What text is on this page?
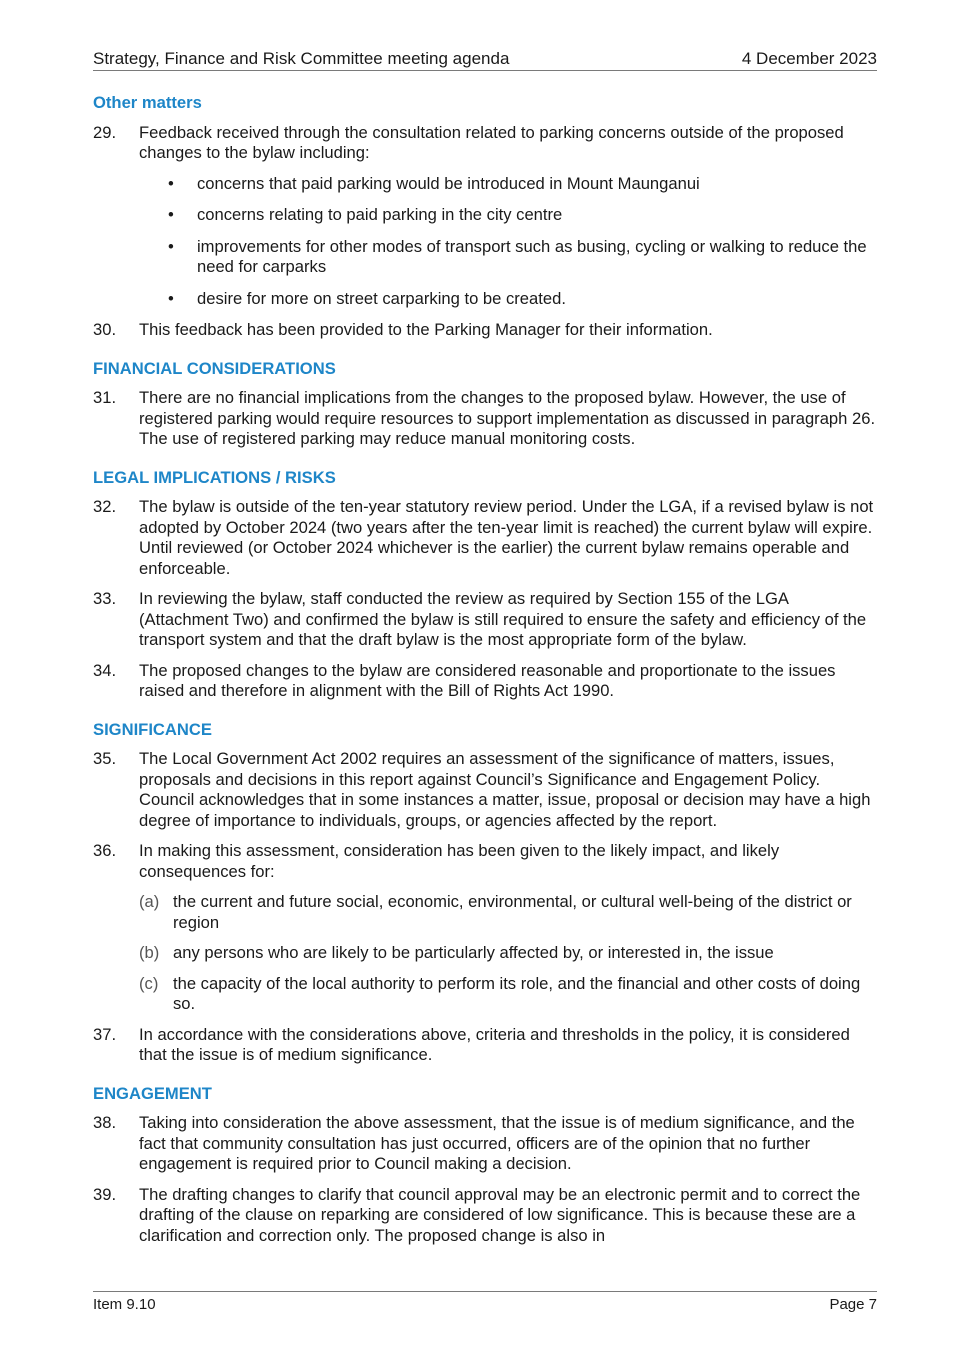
Strategy, Finance and Risk Committee meeting agenda	4 December 2023
Other matters
29. Feedback received through the consultation related to parking concerns outside of the proposed changes to the bylaw including:
• concerns that paid parking would be introduced in Mount Maunganui
• concerns relating to paid parking in the city centre
• improvements for other modes of transport such as busing, cycling or walking to reduce the need for carparks
• desire for more on street carparking to be created.
30. This feedback has been provided to the Parking Manager for their information.
FINANCIAL CONSIDERATIONS
31. There are no financial implications from the changes to the proposed bylaw. However, the use of registered parking would require resources to support implementation as discussed in paragraph 26. The use of registered parking may reduce manual monitoring costs.
LEGAL IMPLICATIONS / RISKS
32. The bylaw is outside of the ten-year statutory review period. Under the LGA, if a revised bylaw is not adopted by October 2024 (two years after the ten-year limit is reached) the current bylaw will expire. Until reviewed (or October 2024 whichever is the earlier) the current bylaw remains operable and enforceable.
33. In reviewing the bylaw, staff conducted the review as required by Section 155 of the LGA (Attachment Two) and confirmed the bylaw is still required to ensure the safety and efficiency of the transport system and that the draft bylaw is the most appropriate form of the bylaw.
34. The proposed changes to the bylaw are considered reasonable and proportionate to the issues raised and therefore in alignment with the Bill of Rights Act 1990.
SIGNIFICANCE
35. The Local Government Act 2002 requires an assessment of the significance of matters, issues, proposals and decisions in this report against Council’s Significance and Engagement Policy. Council acknowledges that in some instances a matter, issue, proposal or decision may have a high degree of importance to individuals, groups, or agencies affected by the report.
36. In making this assessment, consideration has been given to the likely impact, and likely consequences for:
(a) the current and future social, economic, environmental, or cultural well-being of the district or region
(b) any persons who are likely to be particularly affected by, or interested in, the issue
(c) the capacity of the local authority to perform its role, and the financial and other costs of doing so.
37. In accordance with the considerations above, criteria and thresholds in the policy, it is considered that the issue is of medium significance.
ENGAGEMENT
38. Taking into consideration the above assessment, that the issue is of medium significance, and the fact that community consultation has just occurred, officers are of the opinion that no further engagement is required prior to Council making a decision.
39. The drafting changes to clarify that council approval may be an electronic permit and to correct the drafting of the clause on reparking are considered of low significance. This is because these are a clarification and correction only. The proposed change is also in
Item 9.10	Page 7
